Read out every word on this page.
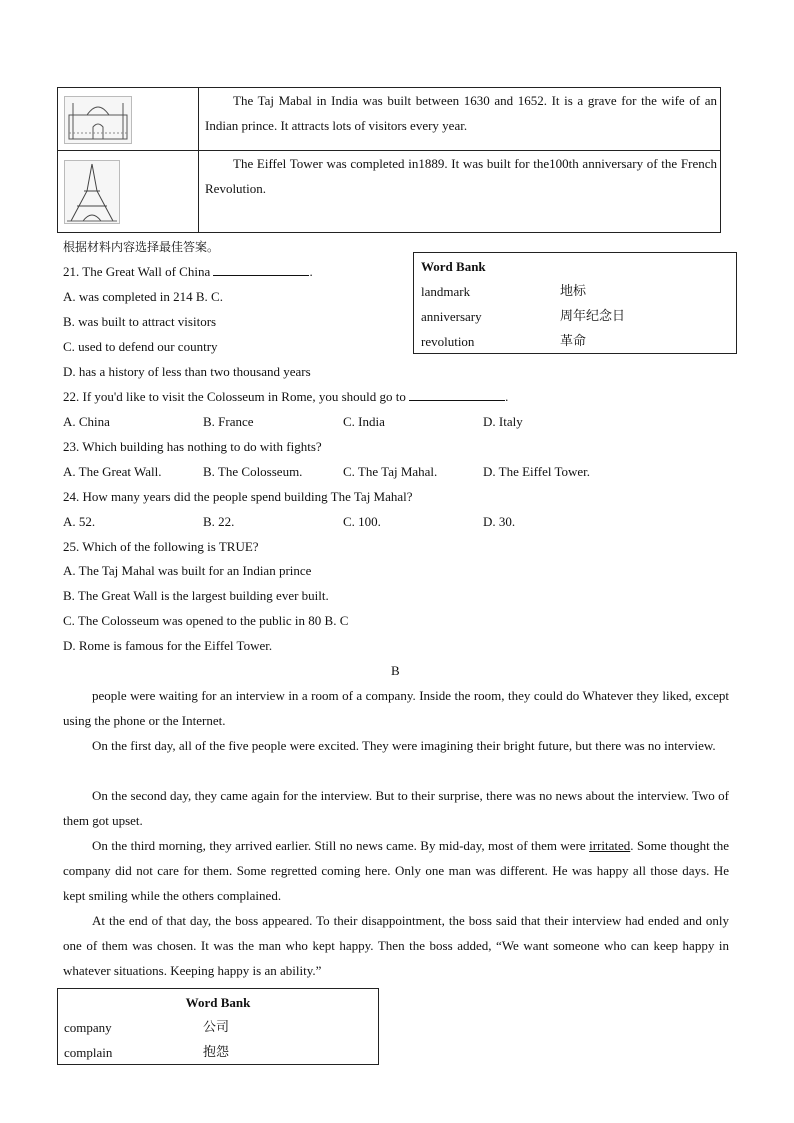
The Taj Mabal in India was built between 1630 and 1652. It is a grave for the wife of an Indian prince. It attracts lots of visitors every year.
The Eiffel Tower was completed in1889. It was built for the100th anniversary of the French Revolution.
根据材料内容选择最佳答案。
Word Bank
landmark	地标
anniversary	周年纪念日
revolution	革命
21. The Great Wall of China	.
A. was completed in 214 B. C.
B. was built to attract visitors
C. used to defend our country
D. has a history of less than two thousand years
22. If you'd like to visit the Colosseum in Rome, you should go to	.
A. China	B. France	C. India	D. Italy
23. Which building has nothing to do with fights?
A. The Great Wall.	B. The Colosseum.	C. The Taj Mahal.	D. The Eiffel Tower.
24. How many years did the people spend building The Taj Mahal?
A. 52.	B. 22.	C. 100.	D. 30.
25. Which of the following is TRUE?
A. The Taj Mahal was built for an Indian prince
B. The Great Wall is the largest building ever built.
C. The Colosseum was opened to the public in 80 B. C
D. Rome is famous for the Eiffel Tower.
B
people were waiting for an interview in a room of a company. Inside the room, they could do Whatever they liked, except using the phone or the Internet.
On the first day, all of the five people were excited. They were imagining their bright future, but there was no interview.
On the second day, they came again for the interview. But to their surprise, there was no news about the interview. Two of them got upset.
On the third morning, they arrived earlier. Still no news came. By mid-day, most of them were irritated. Some thought the company did not care for them. Some regretted coming here. Only one man was different. He was happy all those days. He kept smiling while the others complained.
At the end of that day, the boss appeared. To their disappointment, the boss said that their interview had ended and only one of them was chosen. It was the man who kept happy. Then the boss added, “We want someone who can keep happy in whatever situations. Keeping happy is an ability.”
Word Bank
company	公司
complain	抱怨
